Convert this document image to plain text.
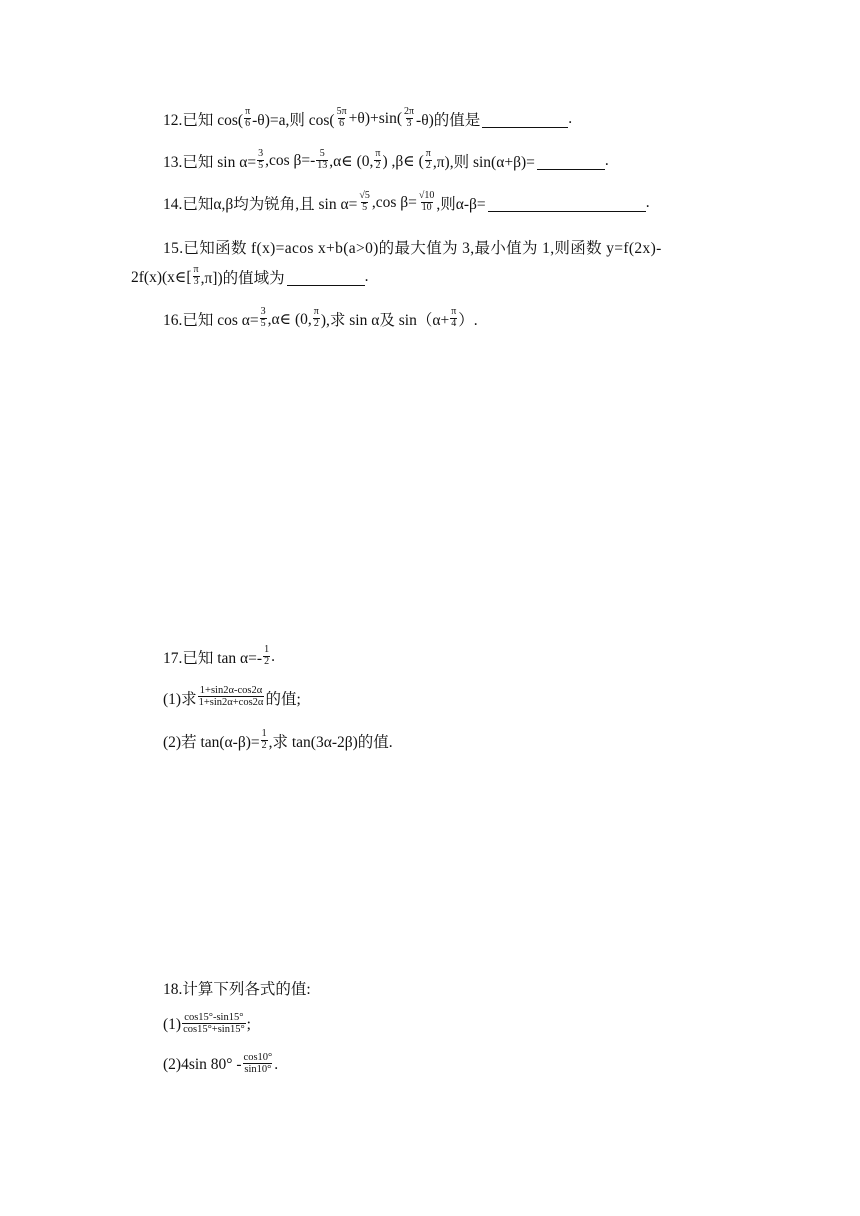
12.已知 $\cos( \frac{\pi}{6} -\theta)=a$,则 $\cos( \frac{5\pi}{6} +\theta)+\sin( \frac{2\pi}{3} -\theta)$的值是	.
13.已知 $\sin \alpha= \frac{3}{5} ,\cos$ $\beta=- \frac{5}{13}$ ,α∈ (0, $\frac{\pi}{2}$ ) ,β∈ ( $\frac{\pi}{2} ,\pi$),则 sin(α+β)=	.
14.已知α,β均为锐角,且 $\sin \alpha= \frac{√5}{5} ,\cos$ $\beta= \frac{√10}{10}$ ,则α-β=	.
15.已知函数 f(x)=acos x+b(a>0)的最大值为 3,最小值为 1,则函数 y=f(2x)-
2f(x)(x∈[ $\frac{\pi}{3} ,\pi$])的值域为	.
16.已知 $\cos \alpha= \frac{3}{5}$ ,α∈ (0, $\frac{\pi}{2}$ ),求 sin α及 $\sin(\alpha+ \frac{\pi}{4}$ ）.
17.已知 $\tan \alpha=- \frac{1}{2}$ .
(1)求 $\frac{1+\sin 2\alpha-\cos 2\alpha}{1+\sin 2\alpha+\cos 2\alpha}$ 的值;
(2)若 $\tan(\alpha-\beta)= \frac{1}{2}$ ,求 tan(3α-2β)的值.
18.计算下列各式的值:
$(1) \frac{\cos 15^\circ-\sin 15^\circ}{\cos 15^\circ+\sin 15^\circ}$ ;
(2)4sin $80^\circ - \frac{\cos 10^\circ}{\sin 10^\circ}$ .
